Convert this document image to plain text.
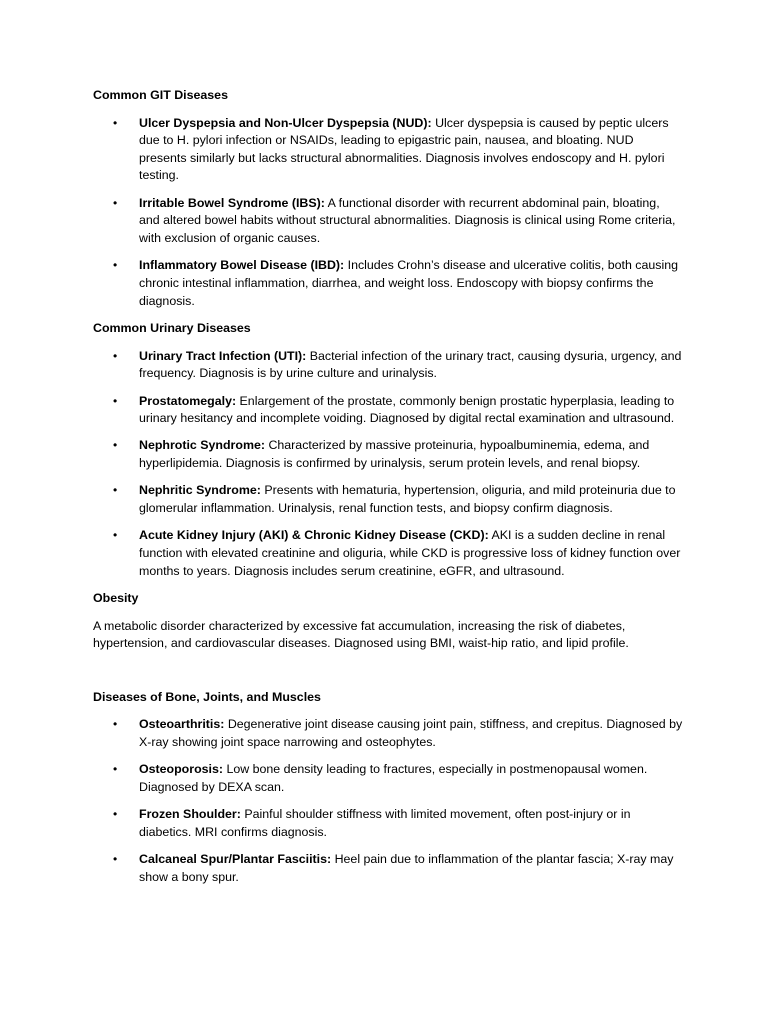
Common GIT Diseases
• Ulcer Dyspepsia and Non-Ulcer Dyspepsia (NUD): Ulcer dyspepsia is caused by peptic ulcers due to H. pylori infection or NSAIDs, leading to epigastric pain, nausea, and bloating. NUD presents similarly but lacks structural abnormalities. Diagnosis involves endoscopy and H. pylori testing.
• Irritable Bowel Syndrome (IBS): A functional disorder with recurrent abdominal pain, bloating, and altered bowel habits without structural abnormalities. Diagnosis is clinical using Rome criteria, with exclusion of organic causes.
• Inflammatory Bowel Disease (IBD): Includes Crohn’s disease and ulcerative colitis, both causing chronic intestinal inflammation, diarrhea, and weight loss. Endoscopy with biopsy confirms the diagnosis.
Common Urinary Diseases
• Urinary Tract Infection (UTI): Bacterial infection of the urinary tract, causing dysuria, urgency, and frequency. Diagnosis is by urine culture and urinalysis.
• Prostatomegaly: Enlargement of the prostate, commonly benign prostatic hyperplasia, leading to urinary hesitancy and incomplete voiding. Diagnosed by digital rectal examination and ultrasound.
• Nephrotic Syndrome: Characterized by massive proteinuria, hypoalbuminemia, edema, and hyperlipidemia. Diagnosis is confirmed by urinalysis, serum protein levels, and renal biopsy.
• Nephritic Syndrome: Presents with hematuria, hypertension, oliguria, and mild proteinuria due to glomerular inflammation. Urinalysis, renal function tests, and biopsy confirm diagnosis.
• Acute Kidney Injury (AKI) & Chronic Kidney Disease (CKD): AKI is a sudden decline in renal function with elevated creatinine and oliguria, while CKD is progressive loss of kidney function over months to years. Diagnosis includes serum creatinine, eGFR, and ultrasound.
Obesity

A metabolic disorder characterized by excessive fat accumulation, increasing the risk of diabetes, hypertension, and cardiovascular diseases. Diagnosed using BMI, waist-hip ratio, and lipid profile.

Diseases of Bone, Joints, and Muscles
• Osteoarthritis: Degenerative joint disease causing joint pain, stiffness, and crepitus. Diagnosed by X-ray showing joint space narrowing and osteophytes.
• Osteoporosis: Low bone density leading to fractures, especially in postmenopausal women. Diagnosed by DEXA scan.
• Frozen Shoulder: Painful shoulder stiffness with limited movement, often post-injury or in diabetics. MRI confirms diagnosis.
• Calcaneal Spur/Plantar Fasciitis: Heel pain due to inflammation of the plantar fascia; X-ray may show a bony spur.
